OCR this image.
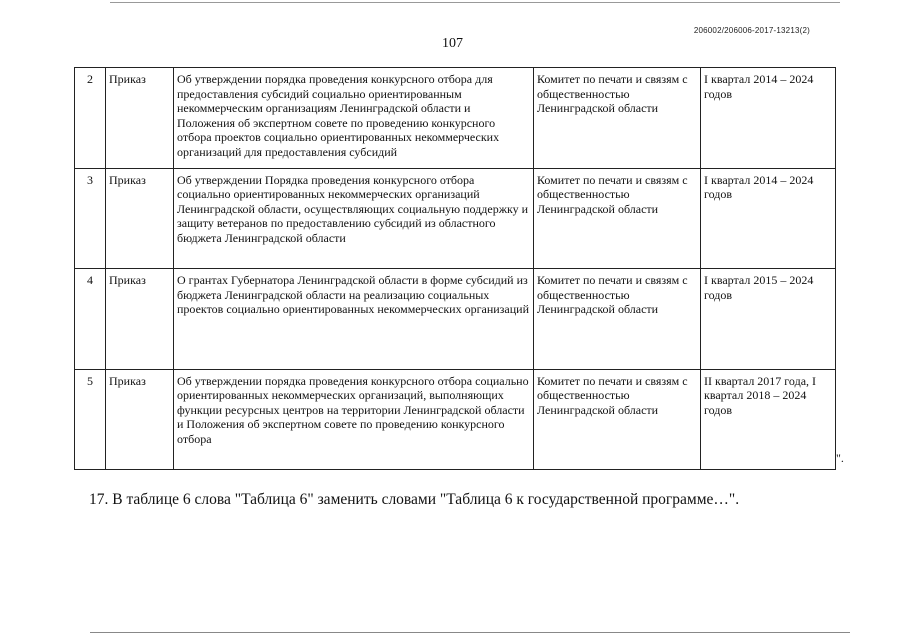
206002/206006-2017-13213(2)
107
2	Приказ	Об утверждении порядка проведения конкурсного отбора для предоставления субсидий социально ориентированным некоммерческим организациям Ленинградской области и Положения об экспертном совете по проведению конкурсного отбора проектов социально ориентированных некоммерческих организаций для предоставления субсидий	Комитет по печати и связям с общественностью Ленинградской области	I квартал 2014 – 2024 годов
3	Приказ	Об утверждении Порядка проведения конкурсного отбора социально ориентированных некоммерческих организаций Ленинградской области, осуществляющих социальную поддержку и защиту ветеранов по предоставлению субсидий из областного бюджета Ленинградской области	Комитет по печати и связям с общественностью Ленинградской области	I квартал 2014 – 2024 годов
4	Приказ	О грантах Губернатора Ленинградской области в форме субсидий из бюджета Ленинградской области на реализацию социальных проектов социально ориентированных некоммерческих организаций	Комитет по печати и связям с общественностью Ленинградской области	I квартал 2015 – 2024 годов
5	Приказ	Об утверждении порядка проведения конкурсного отбора социально ориентированных некоммерческих организаций, выполняющих функции ресурсных центров на территории Ленинградской области и Положения об экспертном совете по проведению конкурсного отбора	Комитет по печати и связям с общественностью Ленинградской области	II квартал 2017 года, I квартал 2018 – 2024 годов
".
17. В таблице 6 слова "Таблица 6" заменить словами "Таблица 6 к государственной программе…".
